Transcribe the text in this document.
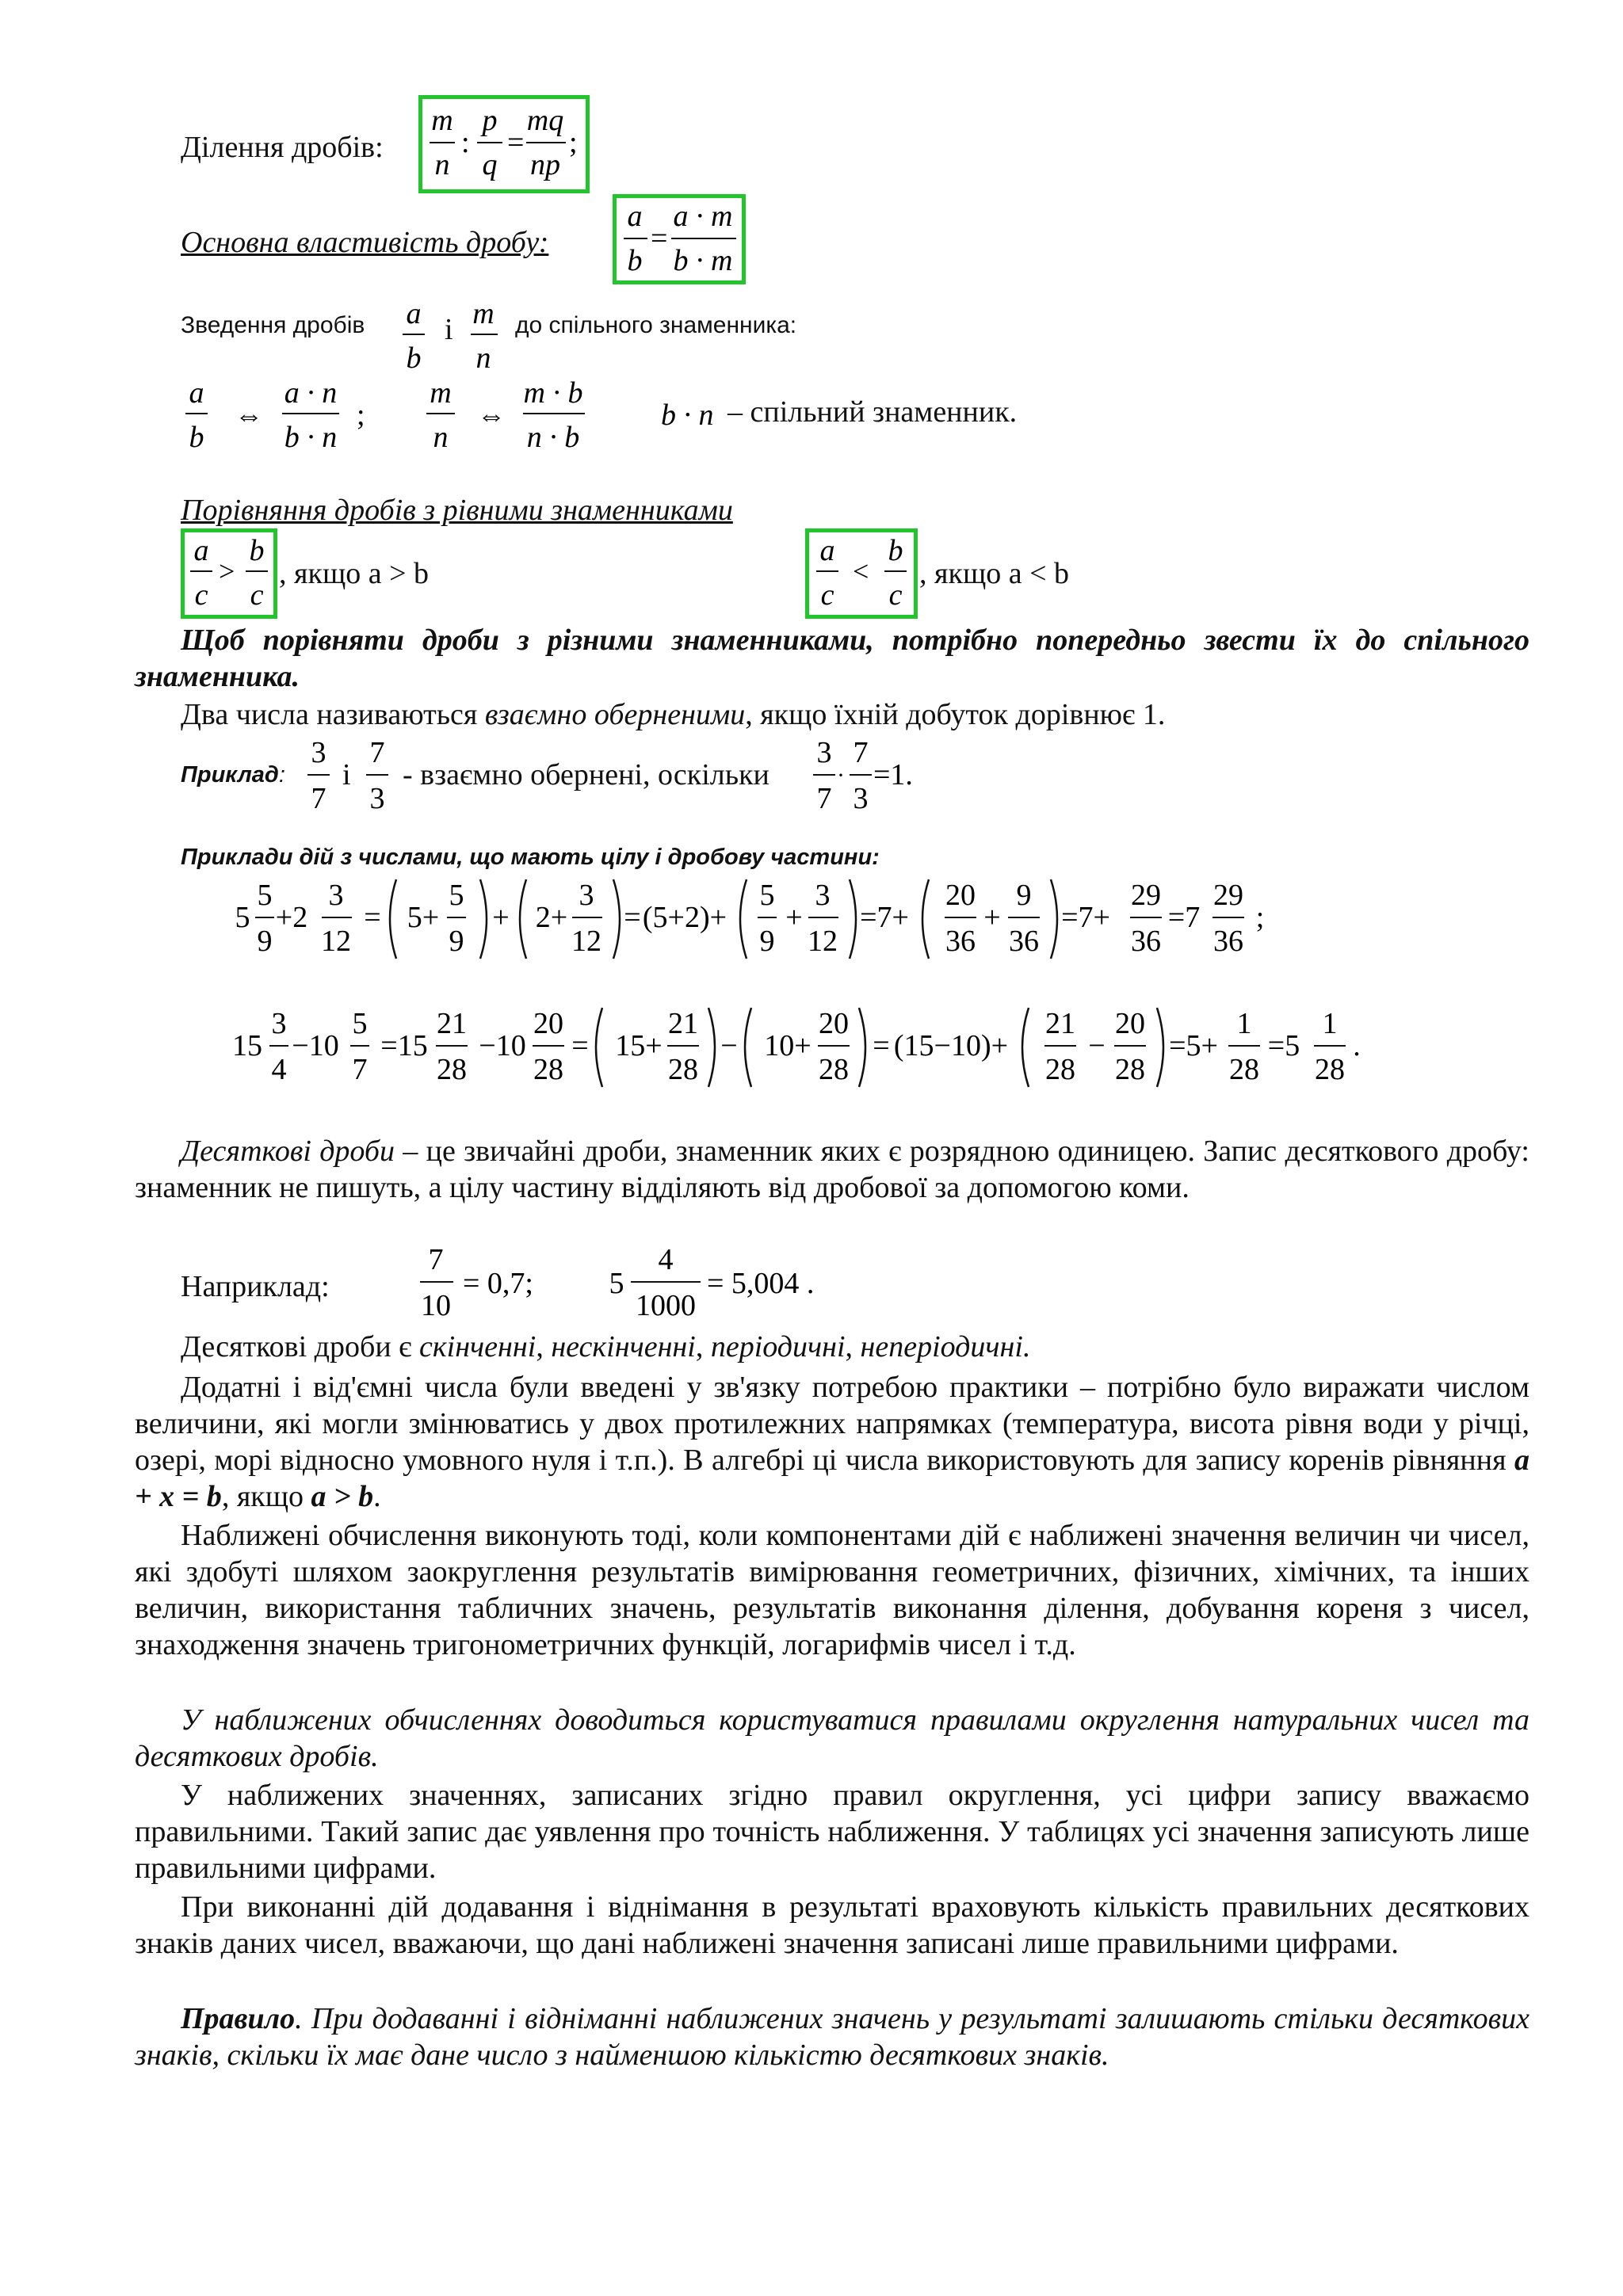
Ділення дробів:
m
n
p
q
mq
np
: = ;
Основна властивість дробу:
a
b
a · m
b · m
=
Зведення дробів a
b
і m
n
до спільного знаменника:
a
b
a · n
b · n
m
n
m · b
n · b
⇔	;	⇔	b · n – спільний знаменник.
Порівняння дробів з рівними знаменниками
a
c
b
c
> , якщо a > b
a
c
b
c
< , якщо a < b
Щоб порівняти дроби з різними знаменниками, потрібно попередньо звести їх до спільного знаменника.
Два числа називаються взаємно оберненими, якщо їхній добуток дорівнює 1.
Приклад:
3
7
7
3
і - взаємно обернені, оскільки
3
7
7
3
· =1.
Приклади дій з числами, що мають цілу і дробову частини:
5
5
9
+2
3
12
= 5+
5
9
+ 2+
3
12
= (5+2)+
5
9
+
3
12
=7+
20
36
+
9
36
=7+
29
36
=7
29
36
;
15
3
4
−10
5
7
=15
21
28
−10
20
28
= 15+
21
28
− 10+
20
28
= (15−10)+
21
28
−
20
28
=5+
1
28
=5
1
28
.
Десяткові дроби – це звичайні дроби, знаменник яких є розрядною одиницею. Запис десяткового дробу: знаменник не пишуть, а цілу частину відділяють від дробової за допомогою коми.
Наприклад:
7
10
5
4
1000
= 0,7;	= 5,004 .
Десяткові дроби є скінченні, нескінченні, періодичні, неперіодичні.
Додатні і від'ємні числа були введені у зв'язку потребою практики – потрібно було виражати числом величини, які могли змінюватись у двох протилежних напрямках (температура, висота рівня води у річці, озері, морі відносно умовного нуля і т.п.). В алгебрі ці числа використовують для запису коренів рівняння a + x = b, якщо a > b.
Наближені обчислення виконують тоді, коли компонентами дій є наближені значення величин чи чисел, які здобуті шляхом заокруглення результатів вимірювання геометричних, фізичних, хімічних, та інших величин, використання табличних значень, результатів виконання ділення, добування кореня з чисел, знаходження значень тригонометричних функцій, логарифмів чисел і т.д.
У наближених обчисленнях доводиться користуватися правилами округлення натуральних чисел та десяткових дробів.
У наближених значеннях, записаних згідно правил округлення, усі цифри запису вважаємо правильними. Такий запис дає уявлення про точність наближення. У таблицях усі значення записують лише правильними цифрами.
При виконанні дій додавання і віднімання в результаті враховують кількість правильних десяткових знаків даних чисел, вважаючи, що дані наближені значення записані лише правильними цифрами.
Правило. При додаванні і відніманні наближених значень у результаті залишають стільки десяткових знаків, скільки їх має дане число з найменшою кількістю десяткових знаків.
